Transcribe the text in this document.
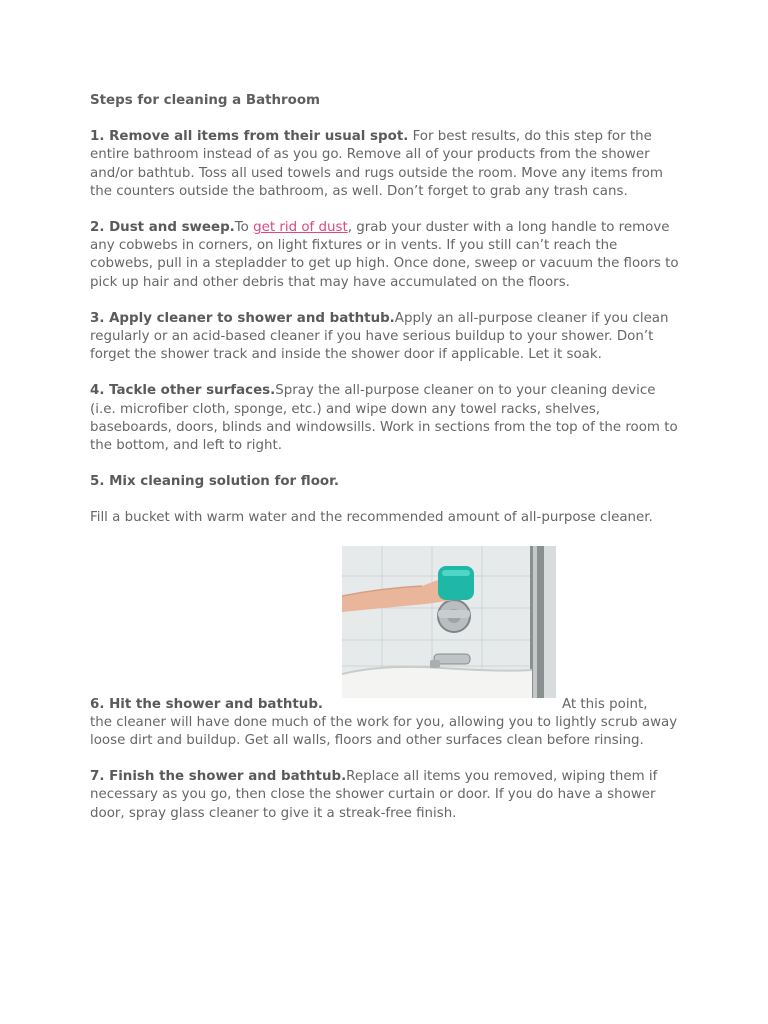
Steps for cleaning a Bathroom
1. Remove all items from their usual spot. For best results, do this step for the entire bathroom instead of as you go. Remove all of your products from the shower and/or bathtub. Toss all used towels and rugs outside the room. Move any items from the counters outside the bathroom, as well. Don’t forget to grab any trash cans.
2. Dust and sweep.To get rid of dust, grab your duster with a long handle to remove any cobwebs in corners, on light fixtures or in vents. If you still can’t reach the cobwebs, pull in a stepladder to get up high. Once done, sweep or vacuum the floors to pick up hair and other debris that may have accumulated on the floors.
3. Apply cleaner to shower and bathtub.Apply an all-purpose cleaner if you clean regularly or an acid-based cleaner if you have serious buildup to your shower. Don’t forget the shower track and inside the shower door if applicable. Let it soak.
4. Tackle other surfaces.Spray the all-purpose cleaner on to your cleaning device (i.e. microfiber cloth, sponge, etc.) and wipe down any towel racks, shelves, baseboards, doors, blinds and windowsills. Work in sections from the top of the room to the bottom, and left to right.
5. Mix cleaning solution for floor.
Fill a bucket with warm water and the recommended amount of all-purpose cleaner.
6. Hit the shower and bathtub.	At this point,
the cleaner will have done much of the work for you, allowing you to lightly scrub away loose dirt and buildup. Get all walls, floors and other surfaces clean before rinsing.
7. Finish the shower and bathtub.Replace all items you removed, wiping them if necessary as you go, then close the shower curtain or door. If you do have a shower door, spray glass cleaner to give it a streak-free finish.
